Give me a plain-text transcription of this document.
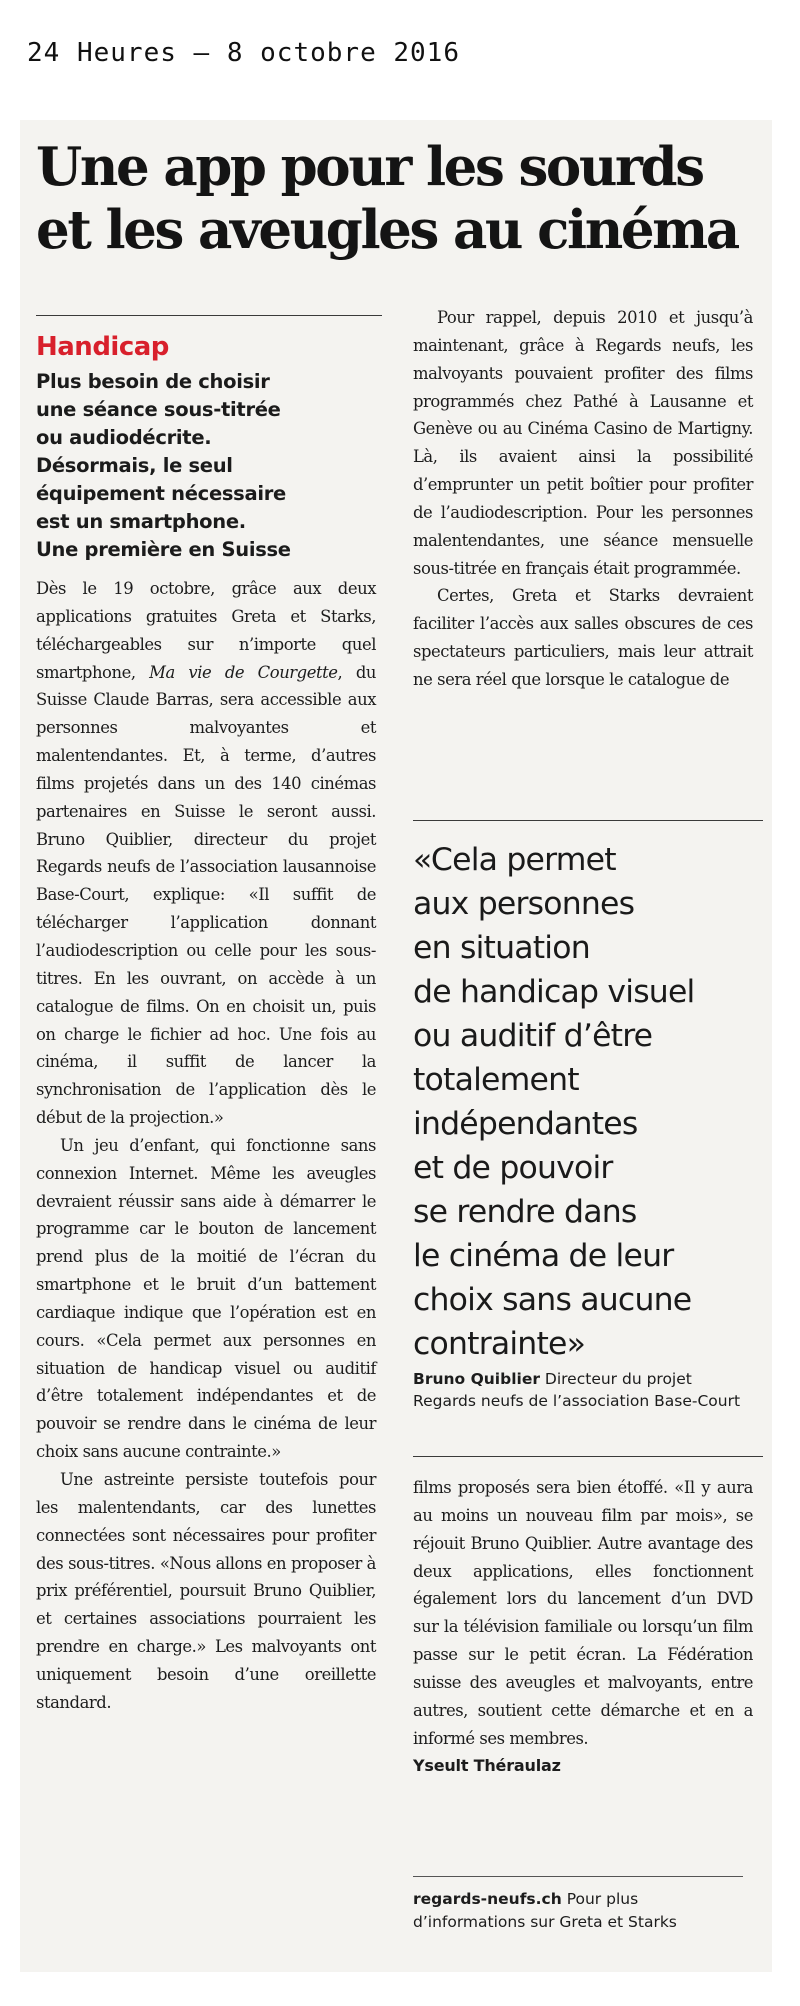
24 Heures — 8 octobre 2016
Une app pour les sourds et les aveugles au cinéma
Handicap
Plus besoin de choisir
une séance sous-titrée
ou audiodécrite.
Désormais, le seul
équipement nécessaire
est un smartphone.
Une première en Suisse

Dès le 19 octobre, grâce aux deux applications gratuites Greta et Starks, téléchargeables sur n’importe quel smartphone, Ma vie de Courgette, du Suisse Claude Barras, sera accessible aux personnes malvoyantes et malentendantes. Et, à terme, d’autres films projetés dans un des 140 cinémas partenaires en Suisse le seront aussi. Bruno Quiblier, directeur du projet Regards neufs de l’association lausannoise Base-Court, explique: «Il suffit de télécharger l’application donnant l’audiodescription ou celle pour les sous-titres. En les ouvrant, on accède à un catalogue de films. On en choisit un, puis on charge le fichier ad hoc. Une fois au cinéma, il suffit de lancer la synchronisation de l’application dès le début de la projection.»

Un jeu d’enfant, qui fonctionne sans connexion Internet. Même les aveugles devraient réussir sans aide à démarrer le programme car le bouton de lancement prend plus de la moitié de l’écran du smartphone et le bruit d’un battement cardiaque indique que l’opération est en cours. «Cela permet aux personnes en situation de handicap visuel ou auditif d’être totalement indépendantes et de pouvoir se rendre dans le cinéma de leur choix sans aucune contrainte.»

Une astreinte persiste toutefois pour les malentendants, car des lunettes connectées sont nécessaires pour profiter des sous-titres. «Nous allons en proposer à prix préférentiel, poursuit Bruno Quiblier, et certaines associations pourraient les prendre en charge.» Les malvoyants ont uniquement besoin d’une oreillette standard.

Pour rappel, depuis 2010 et jusqu’à maintenant, grâce à Regards neufs, les malvoyants pouvaient profiter des films programmés chez Pathé à Lausanne et Genève ou au Cinéma Casino de Martigny. Là, ils avaient ainsi la possibilité d’emprunter un petit boîtier pour profiter de l’audiodescription. Pour les personnes malentendantes, une séance mensuelle sous-titrée en français était programmée.

Certes, Greta et Starks devraient faciliter l’accès aux salles obscures de ces spectateurs particuliers, mais leur attrait ne sera réel que lorsque le catalogue de

«Cela permet
aux personnes
en situation
de handicap visuel
ou auditif d’être
totalement
indépendantes
et de pouvoir
se rendre dans
le cinéma de leur
choix sans aucune
contrainte»
Bruno Quiblier Directeur du projet Regards neufs de l’association Base-Court

films proposés sera bien étoffé. «Il y aura au moins un nouveau film par mois», se réjouit Bruno Quiblier. Autre avantage des deux applications, elles fonctionnent également lors du lancement d’un DVD sur la télévision familiale ou lorsqu’un film passe sur le petit écran. La Fédération suisse des aveugles et malvoyants, entre autres, soutient cette démarche et en a informé ses membres.

Yseult Théraulaz

regards-neufs.ch Pour plus d’informations sur Greta et Starks
